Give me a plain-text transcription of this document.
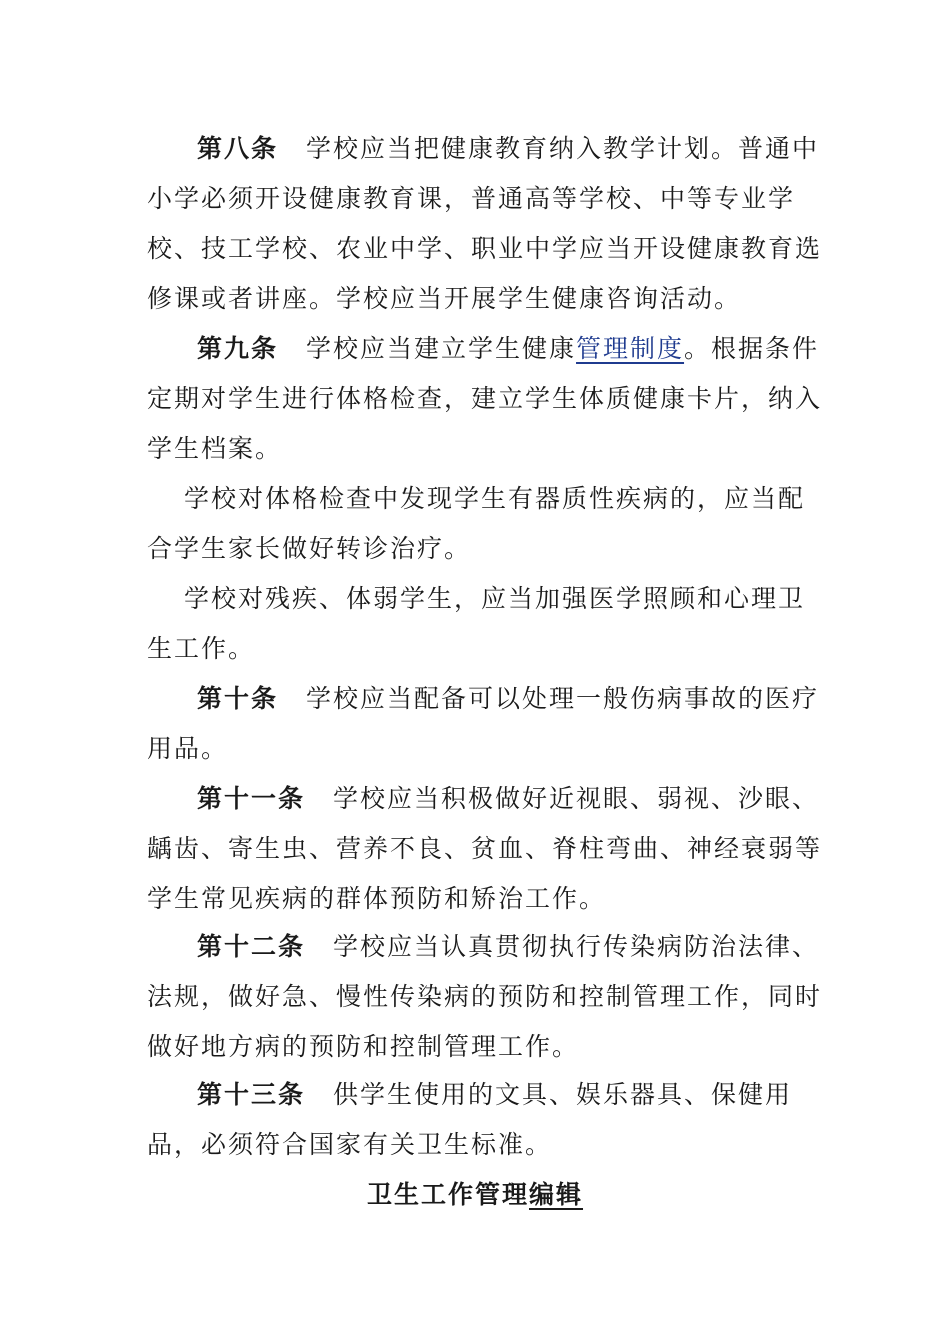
第八条 学校应当把健康教育纳入教学计划。普通中小学必须开设健康教育课，普通高等学校、中等专业学校、技工学校、农业中学、职业中学应当开设健康教育选修课或者讲座。学校应当开展学生健康咨询活动。

第九条 学校应当建立学生健康管理制度。根据条件定期对学生进行体格检查，建立学生体质健康卡片，纳入学生档案。

学校对体格检查中发现学生有器质性疾病的，应当配合学生家长做好转诊治疗。

学校对残疾、体弱学生，应当加强医学照顾和心理卫生工作。

第十条 学校应当配备可以处理一般伤病事故的医疗用品。

第十一条 学校应当积极做好近视眼、弱视、沙眼、龋齿、寄生虫、营养不良、贫血、脊柱弯曲、神经衰弱等学生常见疾病的群体预防和矫治工作。

第十二条 学校应当认真贯彻执行传染病防治法律、法规，做好急、慢性传染病的预防和控制管理工作，同时做好地方病的预防和控制管理工作。

第十三条 供学生使用的文具、娱乐器具、保健用品，必须符合国家有关卫生标准。

卫生工作管理编辑
